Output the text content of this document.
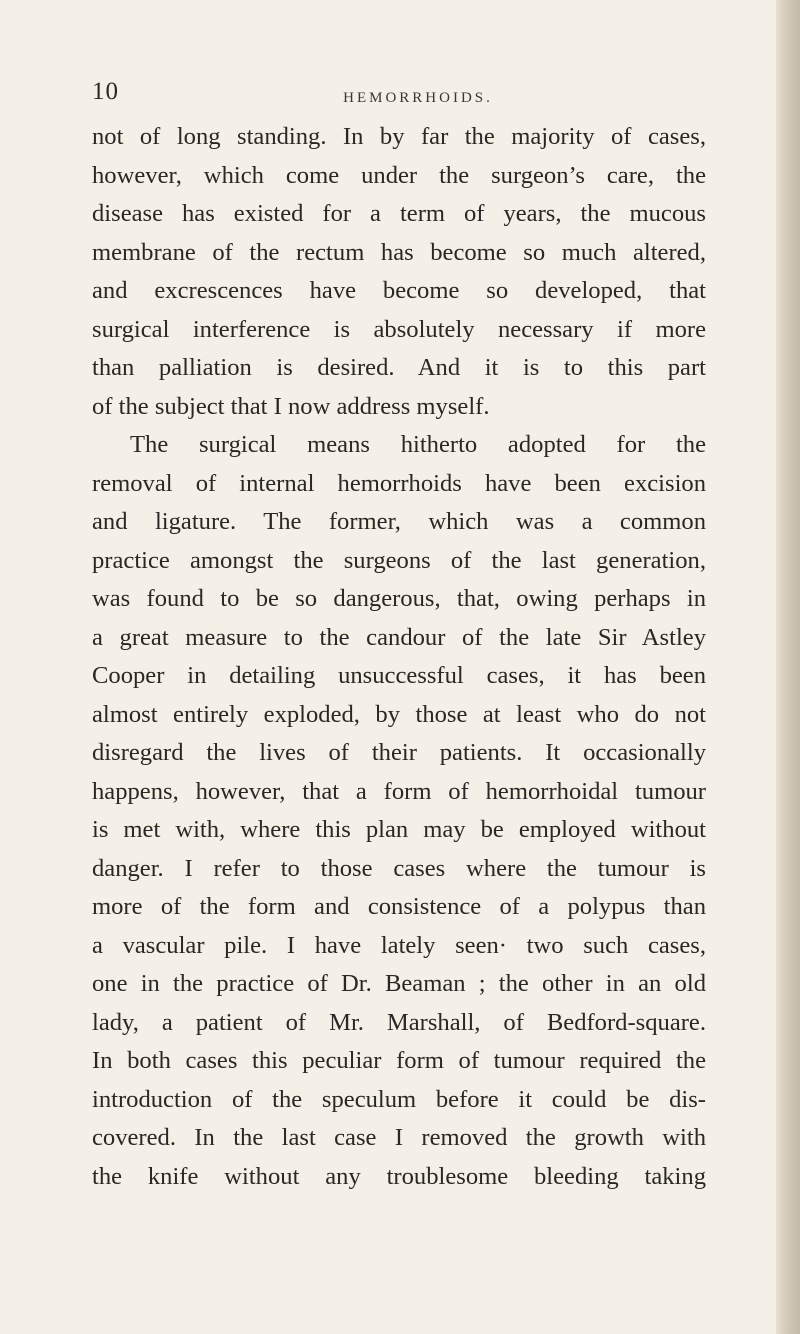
10	HEMORRHOIDS.
not of long standing. In by far the majority of cases,
however, which come under the surgeon’s care, the
disease has existed for a term of years, the mucous
membrane of the rectum has become so much altered,
and excrescences have become so developed, that
surgical interference is absolutely necessary if more
than palliation is desired. And it is to this part
of the subject that I now address myself.
The surgical means hitherto adopted for the
removal of internal hemorrhoids have been excision
and ligature. The former, which was a common
practice amongst the surgeons of the last generation,
was found to be so dangerous, that, owing perhaps in
a great measure to the candour of the late Sir Astley
Cooper in detailing unsuccessful cases, it has been
almost entirely exploded, by those at least who do not
disregard the lives of their patients. It occasionally
happens, however, that a form of hemorrhoidal tumour
is met with, where this plan may be employed without
danger. I refer to those cases where the tumour is
more of the form and consistence of a polypus than
a vascular pile. I have lately seen· two such cases,
one in the practice of Dr. Beaman ; the other in an old
lady, a patient of Mr. Marshall, of Bedford-square.
In both cases this peculiar form of tumour required the
introduction of the speculum before it could be dis-
covered. In the last case I removed the growth with
the knife without any troublesome bleeding taking
